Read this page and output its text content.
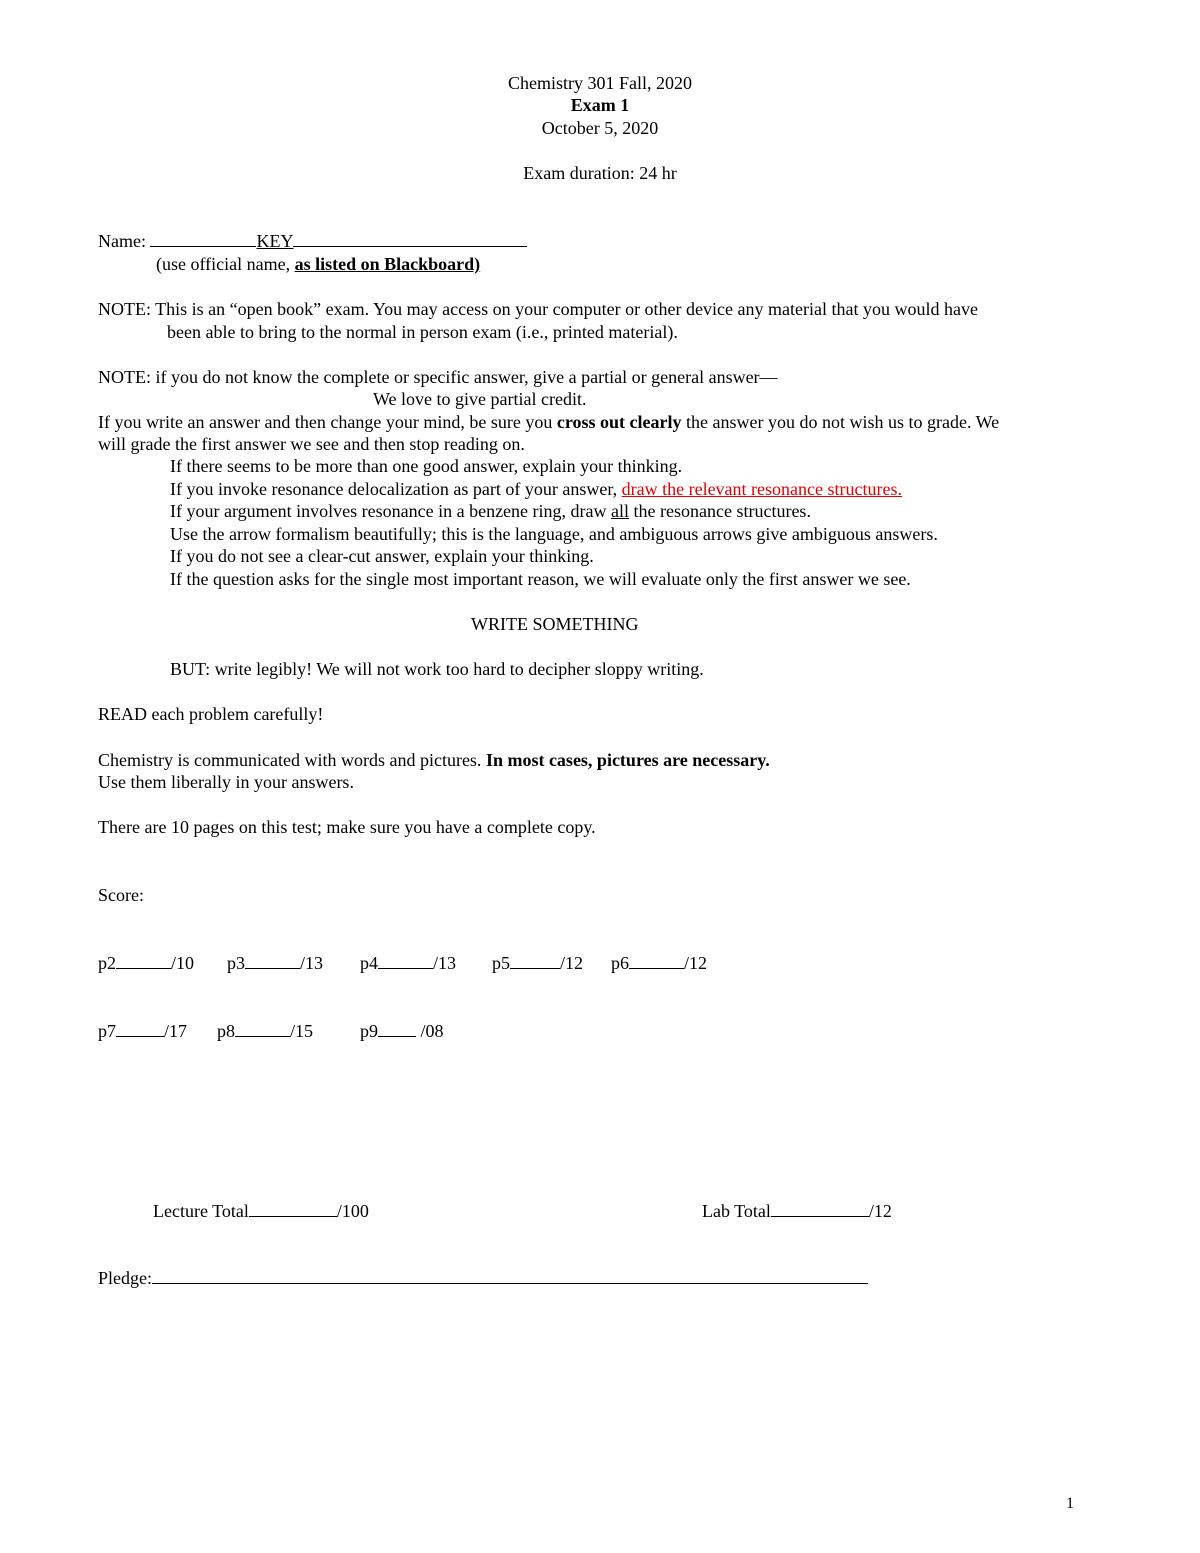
Chemistry 301 Fall, 2020
Exam 1
October 5, 2020
Exam duration: 24 hr
Name:	KEY
(use official name, as listed on Blackboard)
NOTE: This is an “open book” exam. You may access on your computer or other device any material that you would have
been able to bring to the normal in person exam (i.e., printed material).
NOTE: if you do not know the complete or specific answer, give a partial or general answer—
We love to give partial credit.
If you write an answer and then change your mind, be sure you cross out clearly the answer you do not wish us to grade. We
will grade the first answer we see and then stop reading on.
If there seems to be more than one good answer, explain your thinking.
If you invoke resonance delocalization as part of your answer, draw the relevant resonance structures.
If your argument involves resonance in a benzene ring, draw all the resonance structures.
Use the arrow formalism beautifully; this is the language, and ambiguous arrows give ambiguous answers.
If you do not see a clear-cut answer, explain your thinking.
If the question asks for the single most important reason, we will evaluate only the first answer we see.
WRITE SOMETHING
BUT: write legibly! We will not work too hard to decipher sloppy writing.
READ each problem carefully!
Chemistry is communicated with words and pictures. In most cases, pictures are necessary.
Use them liberally in your answers.
There are 10 pages on this test; make sure you have a complete copy.
Score:
p2	/10 p3	/13 p4	/13 p5	/12 p6	/12
p7	/17 p8	/15	p9 /08
Lecture Total	/100	Lab Total	/12
Pledge:
1
